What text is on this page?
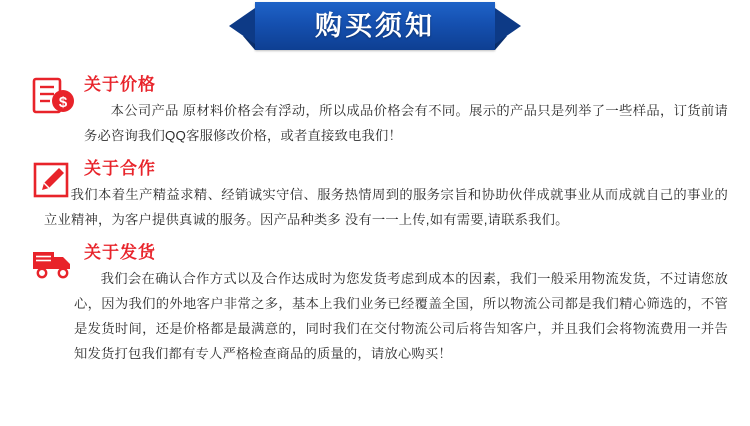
购买须知
$
关于价格
本公司产品 原材料价格会有浮动，所以成品价格会有不同。展示的产品只是列举了一些样品，订货前请务必咨询我们QQ客服修改价格，或者直接致电我们！
关于合作
我们本着生产精益求精、经销诚实守信、服务热情周到的服务宗旨和协助伙伴成就事业从而成就自己的事业的立业精神，为客户提供真诚的服务。因产品种类多 没有一一上传,如有需要,请联系我们。
关于发货
我们会在确认合作方式以及合作达成时为您发货考虑到成本的因素，我们一般采用物流发货，不过请您放心，因为我们的外地客户非常之多，基本上我们业务已经覆盖全国，所以物流公司都是我们精心筛选的，不管是发货时间，还是价格都是最满意的，同时我们在交付物流公司后将告知客户，并且我们会将物流费用一并告知发货打包我们都有专人严格检查商品的质量的，请放心购买！
